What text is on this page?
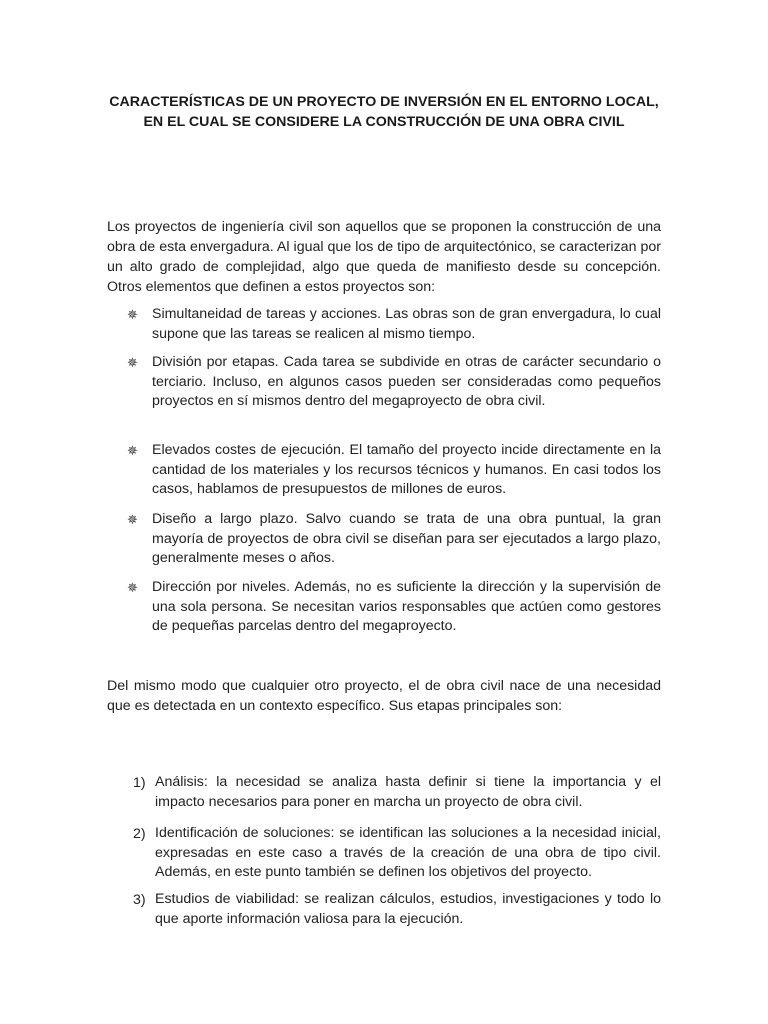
CARACTERÍSTICAS DE UN PROYECTO DE INVERSIÓN EN EL ENTORNO LOCAL, EN EL CUAL SE CONSIDERE LA CONSTRUCCIÓN DE UNA OBRA CIVIL

Los proyectos de ingeniería civil son aquellos que se proponen la construcción de una obra de esta envergadura. Al igual que los de tipo de arquitectónico, se caracterizan por un alto grado de complejidad, algo que queda de manifiesto desde su concepción. Otros elementos que definen a estos proyectos son:

✵ Simultaneidad de tareas y acciones. Las obras son de gran envergadura, lo cual supone que las tareas se realicen al mismo tiempo.

✵ División por etapas. Cada tarea se subdivide en otras de carácter secundario o terciario. Incluso, en algunos casos pueden ser consideradas como pequeños proyectos en sí mismos dentro del megaproyecto de obra civil.

✵ Elevados costes de ejecución. El tamaño del proyecto incide directamente en la cantidad de los materiales y los recursos técnicos y humanos. En casi todos los casos, hablamos de presupuestos de millones de euros.

✵ Diseño a largo plazo. Salvo cuando se trata de una obra puntual, la gran mayoría de proyectos de obra civil se diseñan para ser ejecutados a largo plazo, generalmente meses o años.

✵ Dirección por niveles. Además, no es suficiente la dirección y la supervisión de una sola persona. Se necesitan varios responsables que actúen como gestores de pequeñas parcelas dentro del megaproyecto.

Del mismo modo que cualquier otro proyecto, el de obra civil nace de una necesidad que es detectada en un contexto específico. Sus etapas principales son:

1) Análisis: la necesidad se analiza hasta definir si tiene la importancia y el impacto necesarios para poner en marcha un proyecto de obra civil.

2) Identificación de soluciones: se identifican las soluciones a la necesidad inicial, expresadas en este caso a través de la creación de una obra de tipo civil. Además, en este punto también se definen los objetivos del proyecto.

3) Estudios de viabilidad: se realizan cálculos, estudios, investigaciones y todo lo que aporte información valiosa para la ejecución.
